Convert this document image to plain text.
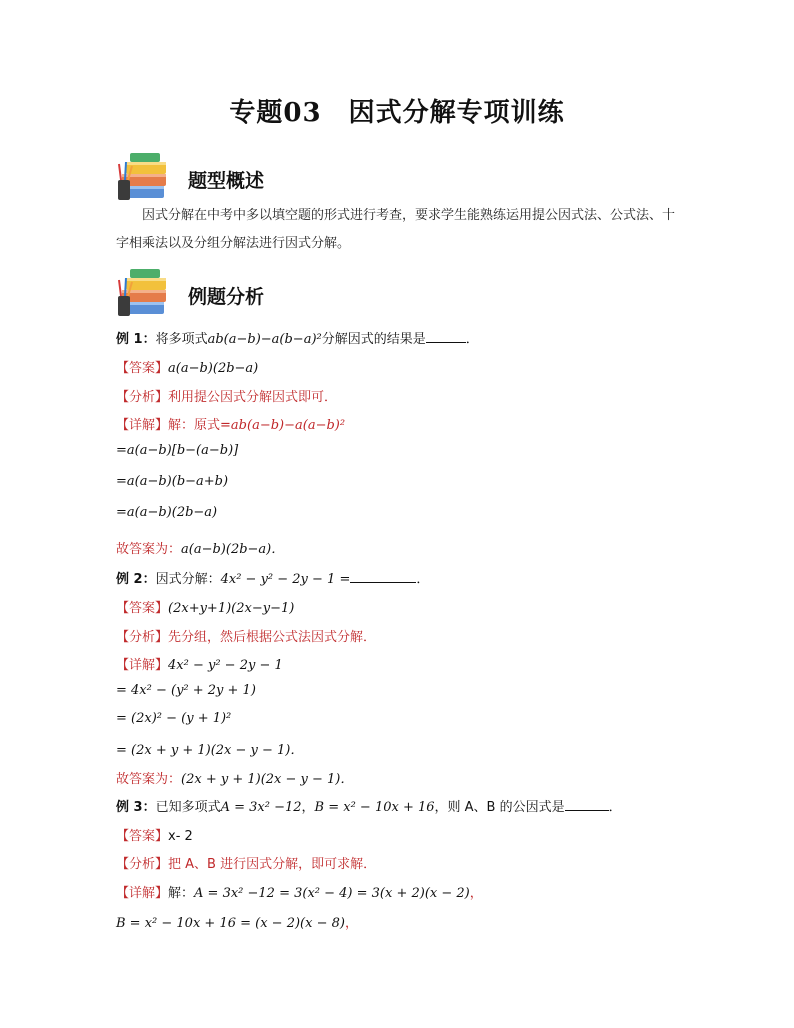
专题03　因式分解专项训练
题型概述
因式分解在中考中多以填空题的形式进行考查，要求学生能熟练运用提公因式法、公式法、十字相乘法以及分组分解法进行因式分解。
例题分析
例 1：将多项式ab(a−b)−a(b−a)²分解因式的结果是	．
【答案】a(a−b)(2b−a)
【分析】利用提公因式分解因式即可．
【详解】解：原式=ab(a−b)−a(a−b)²
=a(a−b)[b−(a−b)]
=a(a−b)(b−a+b)
=a(a−b)(2b−a)
故答案为：a(a−b)(2b−a)．
例 2：因式分解：4x² − y² − 2y − 1 =	．
【答案】(2x+y+1)(2x−y−1)
【分析】先分组，然后根据公式法因式分解．
【详解】4x² − y² − 2y − 1
= 4x² − (y² + 2y + 1)
= (2x)² − (y + 1)²
= (2x + y + 1)(2x − y − 1)．
故答案为：(2x + y + 1)(2x − y − 1)．
例 3：已知多项式A = 3x² −12，B = x² − 10x + 16，则 A、B 的公因式是	．
【答案】x- 2
【分析】把 A、B 进行因式分解，即可求解．
【详解】解：A = 3x² −12 = 3(x² − 4) = 3(x + 2)(x − 2)，
B = x² − 10x + 16 = (x − 2)(x − 8)，
